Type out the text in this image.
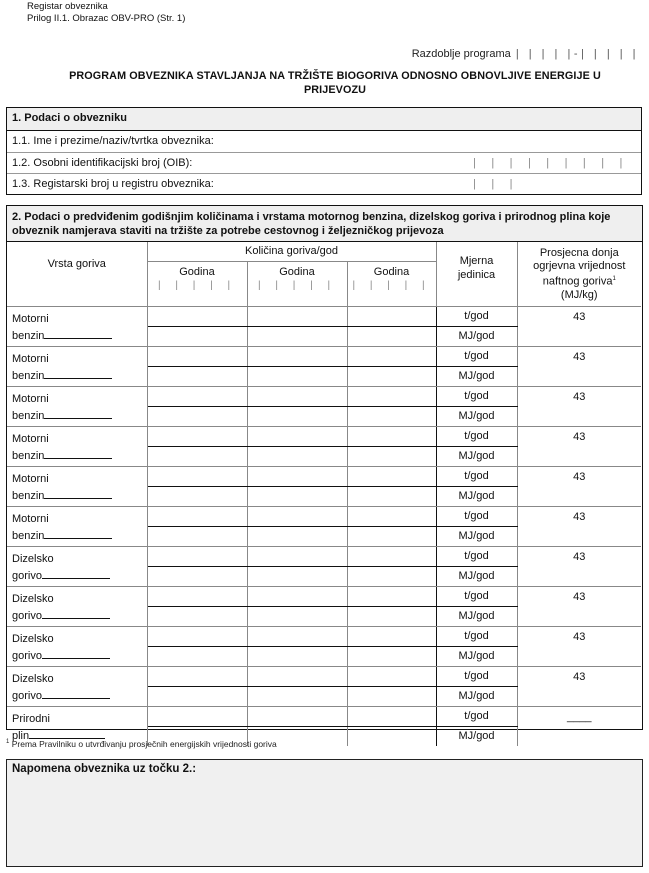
Registar obveznika
Prilog II.1. Obrazac OBV-PRO (Str. 1)
Razdoblje programa | | | | |-| | | | |
PROGRAM OBVEZNIKA STAVLJANJA NA TRŽIŠTE BIOGORIVA ODNOSNO OBNOVLJIVE ENERGIJE U
PRIJEVOZU
1. Podaci o obvezniku
1.1. Ime i prezime/naziv/tvrtka obveznika:
1.2. Osobni identifikacijski broj (OIB):	| | | | | | | | | | | |
1.3. Registarski broj u registru obveznika:
2. Podaci o predviđenim godišnjim količinama i vrstama motornog benzina, dizelskog goriva i prirodnog plina koje obveznik namjerava staviti na tržište za potrebe cestovnog i željezničkog prijevoza
Vrsta goriva	Količina goriva/god	
Mjerna
jedinica

Prosjecna donja
ogrjevna vrijednost
naftnog goriva$^1$
(MJ/kg)

	Godina
| | | | |	Godina
| | | | |	Godina
| | | | |		

Motorni
benzin				t/god	43
				MJ/god	

Motorni
benzin				t/god	43
				MJ/god	

Motorni
benzin				t/god	43
				MJ/god	

Motorni
benzin				t/god	43
				MJ/god	

Motorni
benzin				t/god	43
				MJ/god	

Motorni
benzin				t/god	43
				MJ/god	

Dizelsko
gorivo				t/god	43
				MJ/god	

Dizelsko
gorivo				t/god	43
				MJ/god	

Dizelsko
gorivo				t/god	43
				MJ/god	

Dizelsko
gorivo				t/god	43
				MJ/god	

Prirodni
plin				t/god	____
				MJ/god	
$^1$ Prema Pravilniku o utvrđivanju prosječnih energijskih vrijednosti goriva
Napomena obveznika uz točku 2.:
